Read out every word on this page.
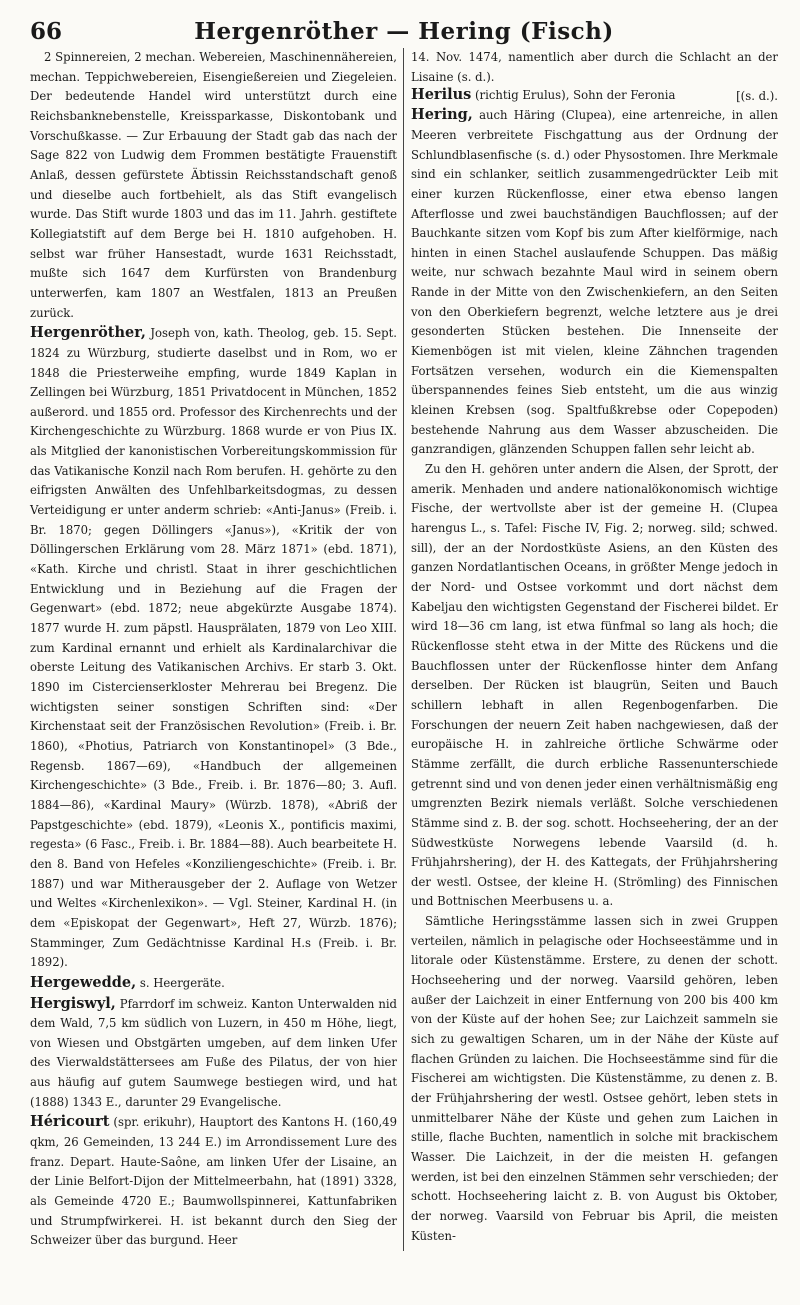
66	Hergenröther — Hering (Fisch)

2 Spinnereien, 2 mechan. Webereien, Maschinennähereien, mechan. Teppichwebereien, Eisengießereien und Ziegeleien. Der bedeutende Handel wird unterstützt durch eine Reichsbanknebenstelle, Kreissparkasse, Diskontobank und Vorschußkasse. — Zur Erbauung der Stadt gab das nach der Sage 822 von Ludwig dem Frommen bestätigte Frauenstift Anlaß, dessen gefürstete Äbtissin Reichsstandschaft genoß und dieselbe auch fortbehielt, als das Stift evangelisch wurde. Das Stift wurde 1803 und das im 11. Jahrh. gestiftete Kollegiatstift auf dem Berge bei H. 1810 aufgehoben. H. selbst war früher Hansestadt, wurde 1631 Reichsstadt, mußte sich 1647 dem Kurfürsten von Brandenburg unterwerfen, kam 1807 an Westfalen, 1813 an Preußen zurück.

Hergenröther, Joseph von, kath. Theolog, geb. 15. Sept. 1824 zu Würzburg, studierte daselbst und in Rom, wo er 1848 die Priesterweihe empfing, wurde 1849 Kaplan in Zellingen bei Würzburg, 1851 Privatdocent in München, 1852 außerord. und 1855 ord. Professor des Kirchenrechts und der Kirchengeschichte zu Würzburg. 1868 wurde er von Pius IX. als Mitglied der kanonistischen Vorbereitungskommission für das Vatikanische Konzil nach Rom berufen. H. gehörte zu den eifrigsten Anwälten des Unfehlbarkeitsdogmas, zu dessen Verteidigung er unter anderm schrieb: «Anti-Janus» (Freib. i. Br. 1870; gegen Döllingers «Janus»), «Kritik der von Döllingerschen Erklärung vom 28. März 1871» (ebd. 1871), «Kath. Kirche und christl. Staat in ihrer geschichtlichen Entwicklung und in Beziehung auf die Fragen der Gegenwart» (ebd. 1872; neue abgekürzte Ausgabe 1874). 1877 wurde H. zum päpstl. Hausprälaten, 1879 von Leo XIII. zum Kardinal ernannt und erhielt als Kardinalarchivar die oberste Leitung des Vatikanischen Archivs. Er starb 3. Okt. 1890 im Cistercienserkloster Mehrerau bei Bregenz. Die wichtigsten seiner sonstigen Schriften sind: «Der Kirchenstaat seit der Französischen Revolution» (Freib. i. Br. 1860), «Photius, Patriarch von Konstantinopel» (3 Bde., Regensb. 1867—69), «Handbuch der allgemeinen Kirchengeschichte» (3 Bde., Freib. i. Br. 1876—80; 3. Aufl. 1884—86), «Kardinal Maury» (Würzb. 1878), «Abriß der Papstgeschichte» (ebd. 1879), «Leonis X., pontificis maximi, regesta» (6 Fasc., Freib. i. Br. 1884—88). Auch bearbeitete H. den 8. Band von Hefeles «Konziliengeschichte» (Freib. i. Br. 1887) und war Mitherausgeber der 2. Auflage von Wetzer und Weltes «Kirchenlexikon». — Vgl. Steiner, Kardinal H. (in dem «Episkopat der Gegenwart», Heft 27, Würzb. 1876); Stamminger, Zum Gedächtnisse Kardinal H.s (Freib. i. Br. 1892).

Hergewedde, s. Heergeräte.

Hergiswyl, Pfarrdorf im schweiz. Kanton Unterwalden nid dem Wald, 7,5 km südlich von Luzern, in 450 m Höhe, liegt, von Wiesen und Obstgärten umgeben, auf dem linken Ufer des Vierwaldstättersees am Fuße des Pilatus, der von hier aus häufig auf gutem Saumwege bestiegen wird, und hat (1888) 1343 E., darunter 29 Evangelische.

Héricourt (spr. erikuhr), Hauptort des Kantons H. (160,49 qkm, 26 Gemeinden, 13 244 E.) im Arrondissement Lure des franz. Depart. Haute-Saône, am linken Ufer der Lisaine, an der Linie Belfort-Dijon der Mittelmeerbahn, hat (1891) 3328, als Gemeinde 4720 E.; Baumwollspinnerei, Kattunfabriken und Strumpfwirkerei. H. ist bekannt durch den Sieg der Schweizer über das burgund. Heer

14. Nov. 1474, namentlich aber durch die Schlacht an der Lisaine (s. d.).
[(s. d.).

Herilus (richtig Erulus), Sohn der Feronia

Hering, auch Häring (Clupea), eine artenreiche, in allen Meeren verbreitete Fischgattung aus der Ordnung der Schlundblasenfische (s. d.) oder Physostomen. Ihre Merkmale sind ein schlanker, seitlich zusammengedrückter Leib mit einer kurzen Rückenflosse, einer etwa ebenso langen Afterflosse und zwei bauchständigen Bauchflossen; auf der Bauchkante sitzen vom Kopf bis zum After kielförmige, nach hinten in einen Stachel auslaufende Schuppen. Das mäßig weite, nur schwach bezahnte Maul wird in seinem obern Rande in der Mitte von den Zwischenkiefern, an den Seiten von den Oberkiefern begrenzt, welche letztere aus je drei gesonderten Stücken bestehen. Die Innenseite der Kiemenbögen ist mit vielen, kleine Zähnchen tragenden Fortsätzen versehen, wodurch ein die Kiemenspalten überspannendes feines Sieb entsteht, um die aus winzig kleinen Krebsen (sog. Spaltfußkrebse oder Copepoden) bestehende Nahrung aus dem Wasser abzuscheiden. Die ganzrandigen, glänzenden Schuppen fallen sehr leicht ab.

Zu den H. gehören unter andern die Alsen, der Sprott, der amerik. Menhaden und andere nationalökonomisch wichtige Fische, der wertvollste aber ist der gemeine H. (Clupea harengus L., s. Tafel: Fische IV, Fig. 2; norweg. sild; schwed. sill), der an der Nordostküste Asiens, an den Küsten des ganzen Nordatlantischen Oceans, in größter Menge jedoch in der Nord- und Ostsee vorkommt und dort nächst dem Kabeljau den wichtigsten Gegenstand der Fischerei bildet. Er wird 18—36 cm lang, ist etwa fünfmal so lang als hoch; die Rückenflosse steht etwa in der Mitte des Rückens und die Bauchflossen unter der Rückenflosse hinter dem Anfang derselben. Der Rücken ist blaugrün, Seiten und Bauch schillern lebhaft in allen Regenbogenfarben. Die Forschungen der neuern Zeit haben nachgewiesen, daß der europäische H. in zahlreiche örtliche Schwärme oder Stämme zerfällt, die durch erbliche Rassenunterschiede getrennt sind und von denen jeder einen verhältnismäßig eng umgrenzten Bezirk niemals verläßt. Solche verschiedenen Stämme sind z. B. der sog. schott. Hochseehering, der an der Südwestküste Norwegens lebende Vaarsild (d. h. Frühjahrshering), der H. des Kattegats, der Frühjahrshering der westl. Ostsee, der kleine H. (Strömling) des Finnischen und Bottnischen Meerbusens u. a.

Sämtliche Heringsstämme lassen sich in zwei Gruppen verteilen, nämlich in pelagische oder Hochseestämme und in litorale oder Küstenstämme. Erstere, zu denen der schott. Hochseehering und der norweg. Vaarsild gehören, leben außer der Laichzeit in einer Entfernung von 200 bis 400 km von der Küste auf der hohen See; zur Laichzeit sammeln sie sich zu gewaltigen Scharen, um in der Nähe der Küste auf flachen Gründen zu laichen. Die Hochseestämme sind für die Fischerei am wichtigsten. Die Küstenstämme, zu denen z. B. der Frühjahrshering der westl. Ostsee gehört, leben stets in unmittelbarer Nähe der Küste und gehen zum Laichen in stille, flache Buchten, namentlich in solche mit brackischem Wasser. Die Laichzeit, in der die meisten H. gefangen werden, ist bei den einzelnen Stämmen sehr verschieden; der schott. Hochseehering laicht z. B. von August bis Oktober, der norweg. Vaarsild von Februar bis April, die meisten Küsten-
